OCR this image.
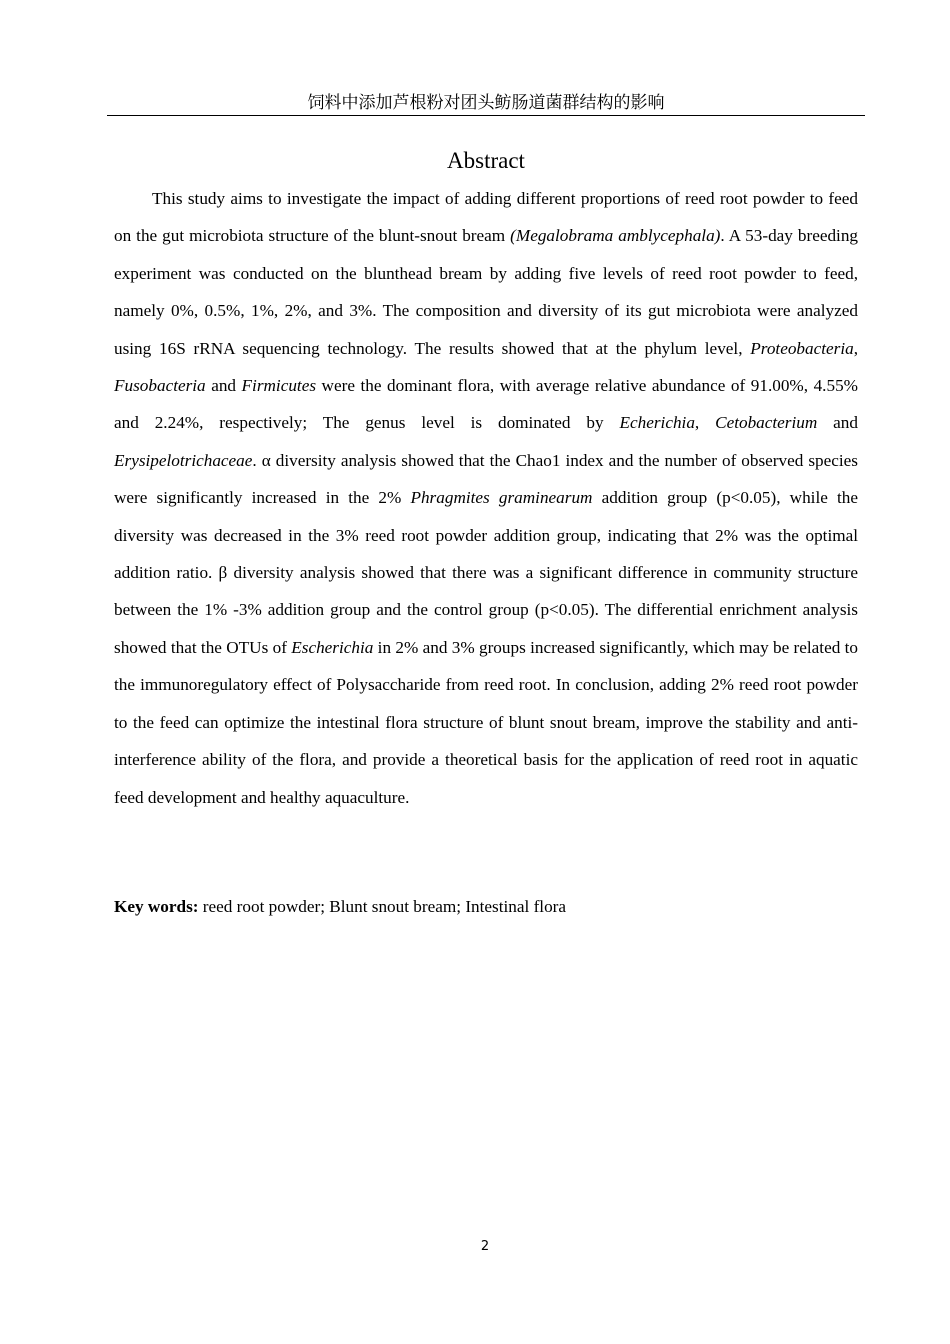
饲料中添加芦根粉对团头鲂肠道菌群结构的影响
Abstract

This study aims to investigate the impact of adding different proportions of reed root powder to feed on the gut microbiota structure of the blunt-snout bream (Megalobrama amblycephala). A 53-day breeding experiment was conducted on the blunthead bream by adding five levels of reed root powder to feed, namely 0%, 0.5%, 1%, 2%, and 3%. The composition and diversity of its gut microbiota were analyzed using 16S rRNA sequencing technology. The results showed that at the phylum level, Proteobacteria, Fusobacteria and Firmicutes were the dominant flora, with average relative abundance of 91.00%, 4.55% and 2.24%, respectively; The genus level is dominated by Echerichia, Cetobacterium and Erysipelotrichaceae. α diversity analysis showed that the Chao1 index and the number of observed species were significantly increased in the 2% Phragmites graminearum addition group (p<0.05), while the diversity was decreased in the 3% reed root powder addition group, indicating that 2% was the optimal addition ratio. β diversity analysis showed that there was a significant difference in community structure between the 1% -3% addition group and the control group (p<0.05). The differential enrichment analysis showed that the OTUs of Escherichia in 2% and 3% groups increased significantly, which may be related to the immunoregulatory effect of Polysaccharide from reed root. In conclusion, adding 2% reed root powder to the feed can optimize the intestinal flora structure of blunt snout bream, improve the stability and anti-interference ability of the flora, and provide a theoretical basis for the application of reed root in aquatic feed development and healthy aquaculture.

Key words: reed root powder; Blunt snout bream; Intestinal flora

2
